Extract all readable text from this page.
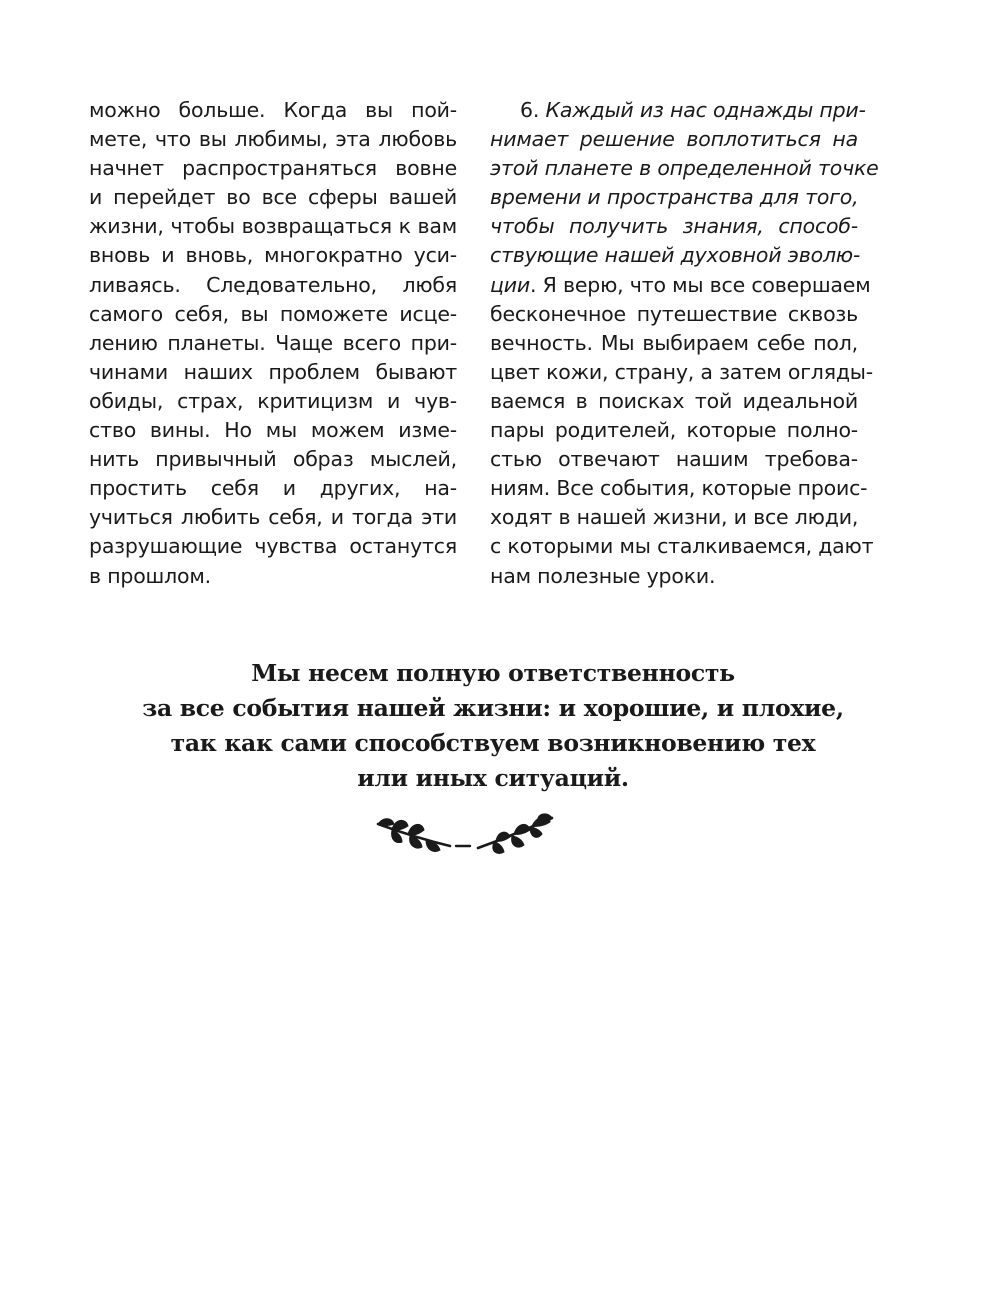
можно больше. Когда вы пой-
мете, что вы любимы, эта любовь
начнет распространяться вовне
и перейдет во все сферы вашей
жизни, чтобы возвращаться к вам
вновь и вновь, многократно уси-
ливаясь. Следовательно, любя
самого себя, вы поможете исце-
лению планеты. Чаще всего при-
чинами наших проблем бывают
обиды, страх, критицизм и чув-
ство вины. Но мы можем изме-
нить привычный образ мыслей,
простить себя и других, на-
учиться любить себя, и тогда эти
разрушающие чувства останутся
в прошлом.
6. Каждый из нас однажды при-
нимает решение воплотиться на
этой планете в определенной точке
времени и пространства для того,
чтобы получить знания, способ-
ствующие нашей духовной эволю-
ции. Я верю, что мы все совершаем
бесконечное путешествие сквозь
вечность. Мы выбираем себе пол,
цвет кожи, страну, а затем огляды-
ваемся в поисках той идеальной
пары родителей, которые полно-
стью отвечают нашим требова-
ниям. Все события, которые проис-
ходят в нашей жизни, и все люди,
с которыми мы сталкиваемся, дают
нам полезные уроки.
Мы несем полную ответственность
за все события нашей жизни: и хорошие, и плохие,
так как сами способствуем возникновению тех
или иных ситуаций.
